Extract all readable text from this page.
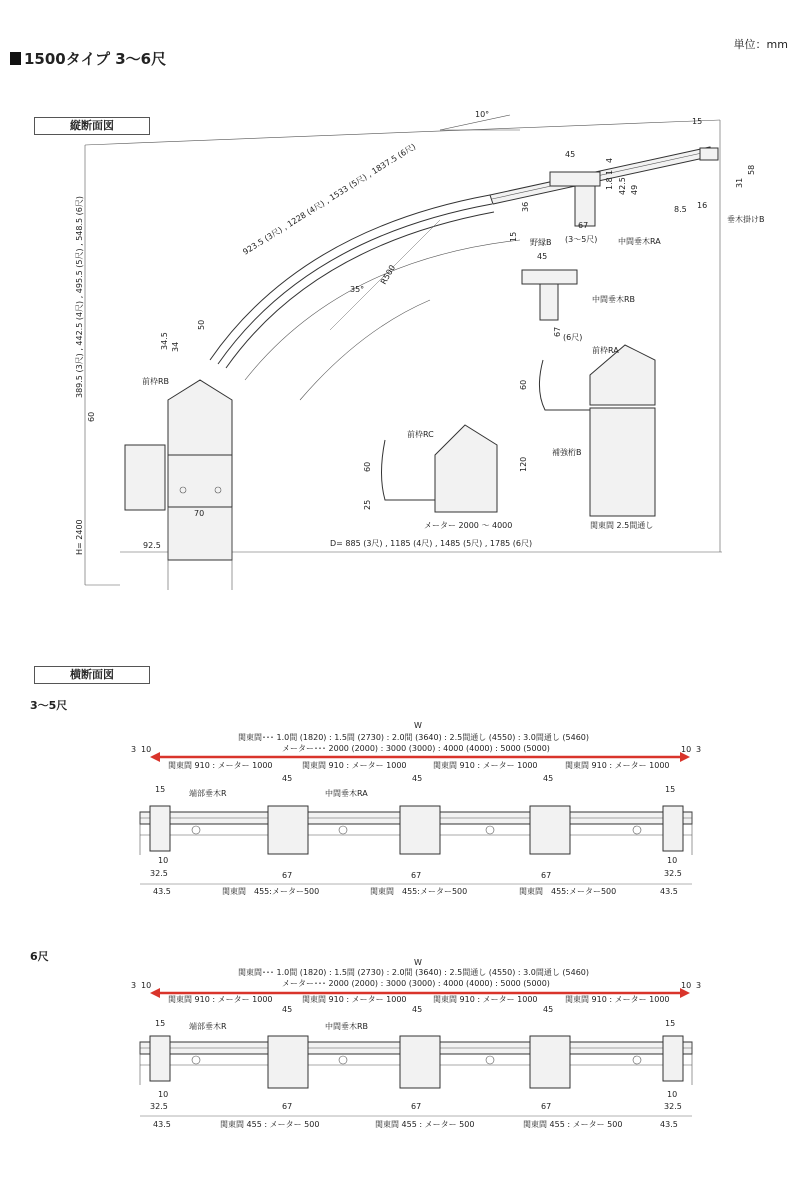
1500タイプ 3〜6尺
単位：mm
縦断面図
横断面図
3〜5尺
6尺
10°
923.5 (3尺) , 1228 (4尺) , 1533 (5尺) , 1837.5 (6尺)
R500
35°
389.5 (3尺) , 442.5 (4尺) , 495.5 (5尺) , 548.5 (6尺)
H= 2400
45
15
4
1
1.8 42.5 49
31
58
8.5 16
垂木掛けB
36
15
67
野縁B (3〜5尺)	中間垂木RA
45
67
中間垂木RB
(6尺)
前枠RB
34.5 34
50
60
92.5
70
前枠RC
60
25
メーター 2000 〜 4000
前枠RA
60
120
補強桁B
関東間 2.5間通し
D= 885 (3尺) , 1185 (4尺) , 1485 (5尺) , 1785 (6尺)
W
関東間･･･ 1.0間 (1820) : 1.5間 (2730) : 2.0間 (3640) : 2.5間通し (4550) : 3.0間通し (5460)
メーター･･･ 2000 (2000) : 3000 (3000) : 4000 (4000) : 5000 (5000)
3 10	10 3
関東間 910 : メーター 1000	関東間 910 : メーター 1000	関東間 910 : メーター 1000	関東間 910 : メーター 1000
15	15
45	45	45
67	67	67
10	10
32.5	32.5
端部垂木R	中間垂木RA
43.5	関東間　455:メーター500	関東間　455:メーター500	関東間　455:メーター500	43.5
W
関東間･･･ 1.0間 (1820) : 1.5間 (2730) : 2.0間 (3640) : 2.5間通し (4550) : 3.0間通し (5460)
メーター･･･ 2000 (2000) : 3000 (3000) : 4000 (4000) : 5000 (5000)
3 10	10 3
関東間 910 : メーター 1000	関東間 910 : メーター 1000	関東間 910 : メーター 1000	関東間 910 : メーター 1000
15	15
45	45	45
67	67	67
10	10
32.5	32.5
端部垂木R	中間垂木RB
43.5	関東間 455 : メーター 500	関東間 455 : メーター 500	関東間 455 : メーター 500	43.5
